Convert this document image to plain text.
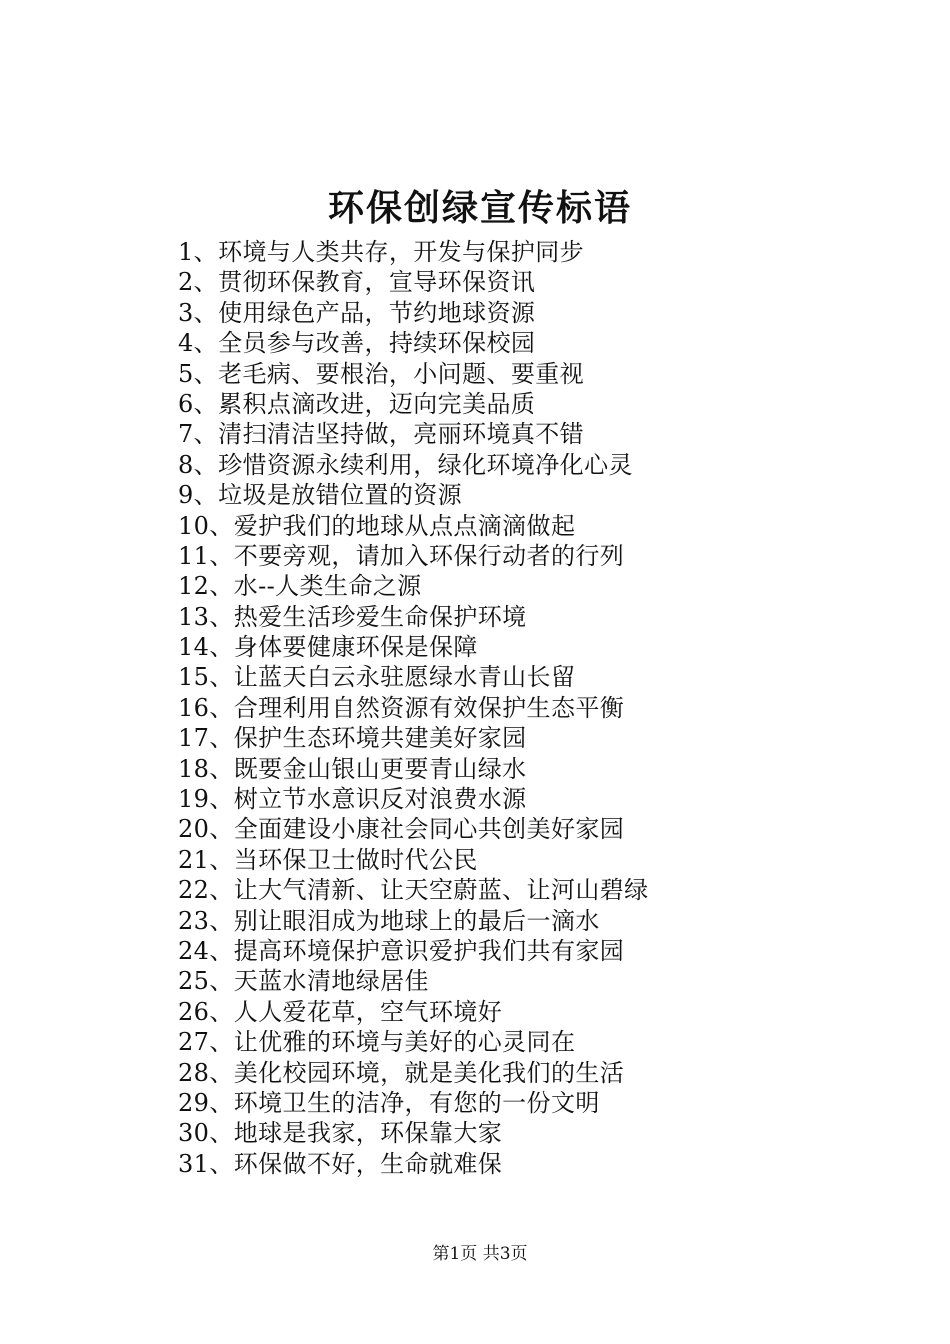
环保创绿宣传标语
1、环境与人类共存，开发与保护同步
2、贯彻环保教育，宣导环保资讯
3、使用绿色产品，节约地球资源
4、全员参与改善，持续环保校园
5、老毛病、要根治，小问题、要重视
6、累积点滴改进，迈向完美品质
7、清扫清洁坚持做，亮丽环境真不错
8、珍惜资源永续利用，绿化环境净化心灵
9、垃圾是放错位置的资源
10、爱护我们的地球从点点滴滴做起
11、不要旁观，请加入环保行动者的行列
12、水--人类生命之源
13、热爱生活珍爱生命保护环境
14、身体要健康环保是保障
15、让蓝天白云永驻愿绿水青山长留
16、合理利用自然资源有效保护生态平衡
17、保护生态环境共建美好家园
18、既要金山银山更要青山绿水
19、树立节水意识反对浪费水源
20、全面建设小康社会同心共创美好家园
21、当环保卫士做时代公民
22、让大气清新、让天空蔚蓝、让河山碧绿
23、别让眼泪成为地球上的最后一滴水
24、提高环境保护意识爱护我们共有家园
25、天蓝水清地绿居佳
26、人人爱花草，空气环境好
27、让优雅的环境与美好的心灵同在
28、美化校园环境，就是美化我们的生活
29、环境卫生的洁净，有您的一份文明
30、地球是我家，环保靠大家
31、环保做不好，生命就难保
第1页 共3页
